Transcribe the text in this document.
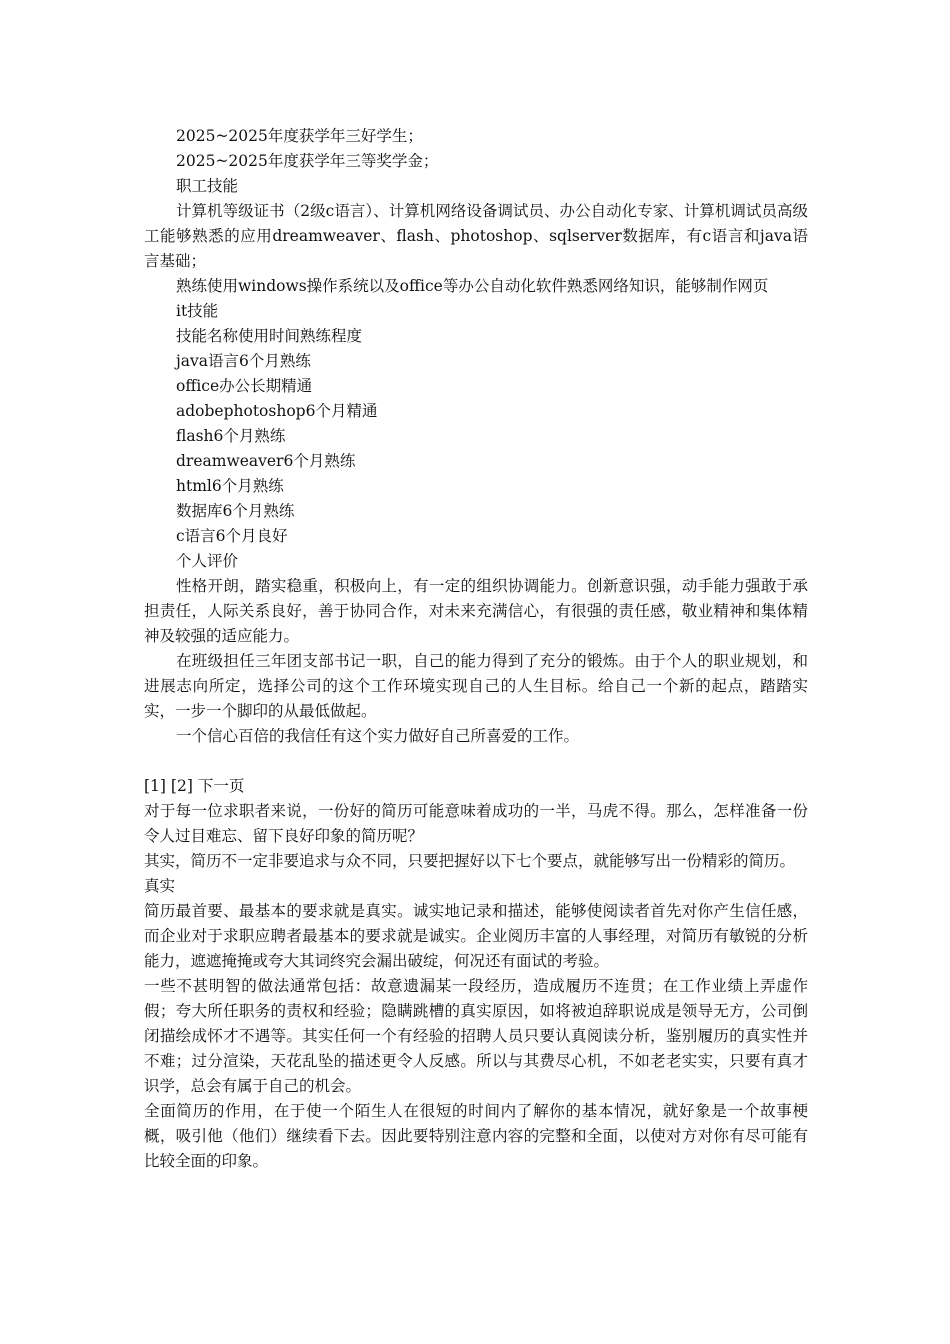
2025~2025年度获学年三好学生；
2025~2025年度获学年三等奖学金；
职工技能
计算机等级证书（2级c语言）、计算机网络设备调试员、办公自动化专家、计算机调试员高级工能够熟悉的应用dreamweaver、flash、photoshop、sqlserver数据库，有c语言和java语言基础；
熟练使用windows操作系统以及office等办公自动化软件熟悉网络知识，能够制作网页
it技能
技能名称使用时间熟练程度
java语言6个月熟练
office办公长期精通
adobephotoshop6个月精通
flash6个月熟练
dreamweaver6个月熟练
html6个月熟练
数据库6个月熟练
c语言6个月良好
个人评价
性格开朗，踏实稳重，积极向上，有一定的组织协调能力。创新意识强，动手能力强敢于承担责任，人际关系良好，善于协同合作，对未来充满信心，有很强的责任感，敬业精神和集体精神及较强的适应能力。
在班级担任三年团支部书记一职，自己的能力得到了充分的锻炼。由于个人的职业规划，和进展志向所定，选择公司的这个工作环境实现自己的人生目标。给自己一个新的起点，踏踏实实，一步一个脚印的从最低做起。
一个信心百倍的我信任有这个实力做好自己所喜爱的工作。
[1] [2] 下一页
对于每一位求职者来说，一份好的简历可能意味着成功的一半，马虎不得。那么，怎样准备一份令人过目难忘、留下良好印象的简历呢？
其实，简历不一定非要追求与众不同，只要把握好以下七个要点，就能够写出一份精彩的简历。
真实
简历最首要、最基本的要求就是真实。诚实地记录和描述，能够使阅读者首先对你产生信任感，而企业对于求职应聘者最基本的要求就是诚实。企业阅历丰富的人事经理，对简历有敏锐的分析能力，遮遮掩掩或夸大其词终究会漏出破绽，何况还有面试的考验。
一些不甚明智的做法通常包括：故意遗漏某一段经历，造成履历不连贯；在工作业绩上弄虚作假；夸大所任职务的责权和经验；隐瞒跳槽的真实原因，如将被迫辞职说成是领导无方，公司倒闭描绘成怀才不遇等。其实任何一个有经验的招聘人员只要认真阅读分析，鉴别履历的真实性并不难；过分渲染，天花乱坠的描述更令人反感。所以与其费尽心机，不如老老实实，只要有真才识学，总会有属于自己的机会。
全面简历的作用，在于使一个陌生人在很短的时间内了解你的基本情况，就好象是一个故事梗概，吸引他（他们）继续看下去。因此要特别注意内容的完整和全面，以使对方对你有尽可能有比较全面的印象。
